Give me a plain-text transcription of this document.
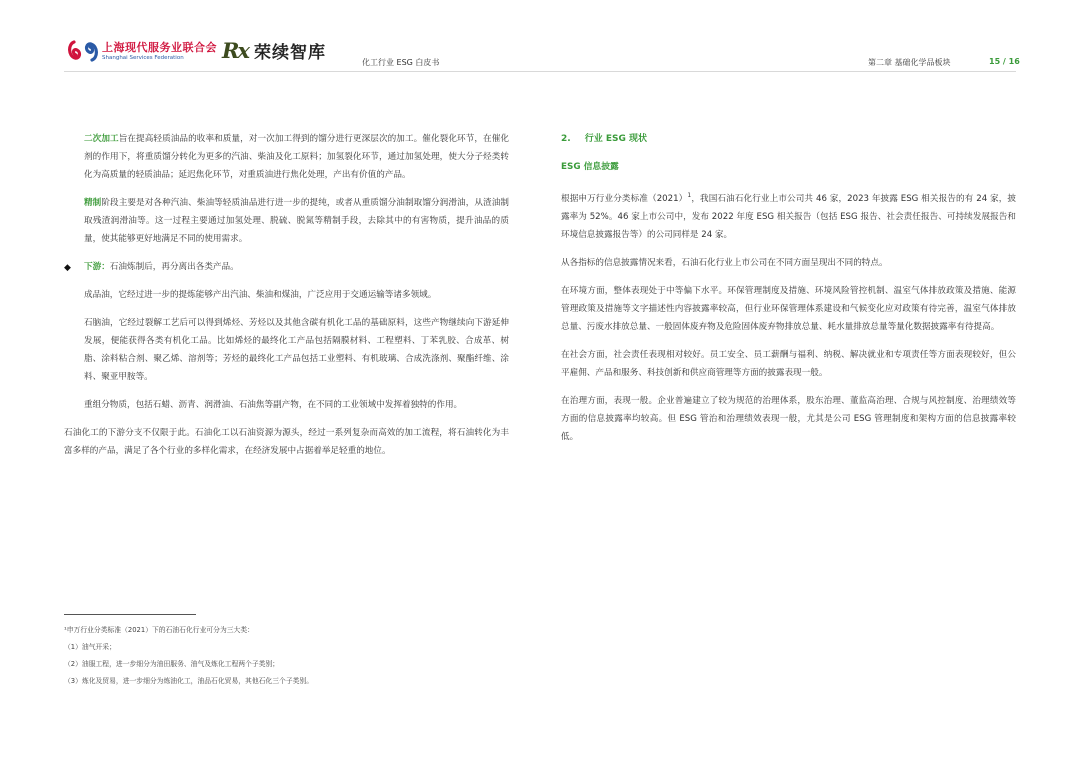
上海现代服务业联合会
Shanghai Services Federation	Rx 荣续智库	化工行业 ESG 白皮书	第二章 基础化学品板块	15 / 16

二次加工旨在提高轻质油品的收率和质量，对一次加工得到的馏分进行更深层次的加工。催化裂化环节，在催化剂的作用下，将重质馏分转化为更多的汽油、柴油及化工原料；加氢裂化环节，通过加氢处理，使大分子烃类转化为高质量的轻质油品；延迟焦化环节，对重质油进行焦化处理，产出有价值的产品。

精制阶段主要是对各种汽油、柴油等轻质油品进行进一步的提纯，或者从重质馏分油制取馏分润滑油，从渣油制取残渣润滑油等。这一过程主要通过加氢处理、脱硫、脱氮等精制手段，去除其中的有害物质，提升油品的质量，使其能够更好地满足不同的使用需求。

◆ 下游：石油炼制后，再分离出各类产品。

成品油，它经过进一步的提炼能够产出汽油、柴油和煤油，广泛应用于交通运输等诸多领域。

石脑油，它经过裂解工艺后可以得到烯烃、芳烃以及其他含碳有机化工品的基础原料，这些产物继续向下游延伸发展，便能获得各类有机化工品。比如烯烃的最终化工产品包括隔膜材料、工程塑料、丁苯乳胶、合成革、树脂、涂料粘合剂、聚乙烯、溶剂等；芳烃的最终化工产品包括工业塑料、有机玻璃、合成洗涤剂、聚酯纤维、涂料、聚亚甲胺等。

重组分物质，包括石蜡、沥青、润滑油、石油焦等副产物，在不同的工业领域中发挥着独特的作用。

石油化工的下游分支不仅限于此。石油化工以石油资源为源头，经过一系列复杂而高效的加工流程，将石油转化为丰富多样的产品，满足了各个行业的多样化需求，在经济发展中占据着举足轻重的地位。

2. 行业 ESG 现状
ESG 信息披露

根据申万行业分类标准$(2021)^1$，我国石油石化行业上市公司共 46 家，2023 年披露 ESG 相关报告的有 24 家，披露率为 52%。46 家上市公司中，发布 2022 年度 ESG 相关报告（包括 ESG 报告、社会责任报告、可持续发展报告和环境信息披露报告等）的公司同样是 24 家。

从各指标的信息披露情况来看，石油石化行业上市公司在不同方面呈现出不同的特点。

在环境方面，整体表现处于中等偏下水平。环保管理制度及措施、环境风险管控机制、温室气体排放政策及措施、能源管理政策及措施等文字描述性内容披露率较高，但行业环保管理体系建设和气候变化应对政策有待完善，温室气体排放总量、污废水排放总量、一般固体废弃物及危险固体废弃物排放总量、耗水量排放总量等量化数据披露率有待提高。

在社会方面，社会责任表现相对较好。员工安全、员工薪酬与福利、纳税、解决就业和专项责任等方面表现较好，但公平雇佣、产品和服务、科技创新和供应商管理等方面的披露表现一般。

在治理方面，表现一般。企业普遍建立了较为规范的治理体系，股东治理、董监高治理、合规与风控制度、治理绩效等方面的信息披露率均较高。但 ESG 管治和治理绩效表现一般，尤其是公司 ESG 管理制度和架构方面的信息披露率较低。

¹申万行业分类标准（2021）下的石油石化行业可分为三大类：
（1）油气开采；
（2）油服工程，进一步细分为油田服务、油气及炼化工程两个子类别；
（3）炼化及贸易，进一步细分为炼油化工，油品石化贸易，其他石化三个子类别。
